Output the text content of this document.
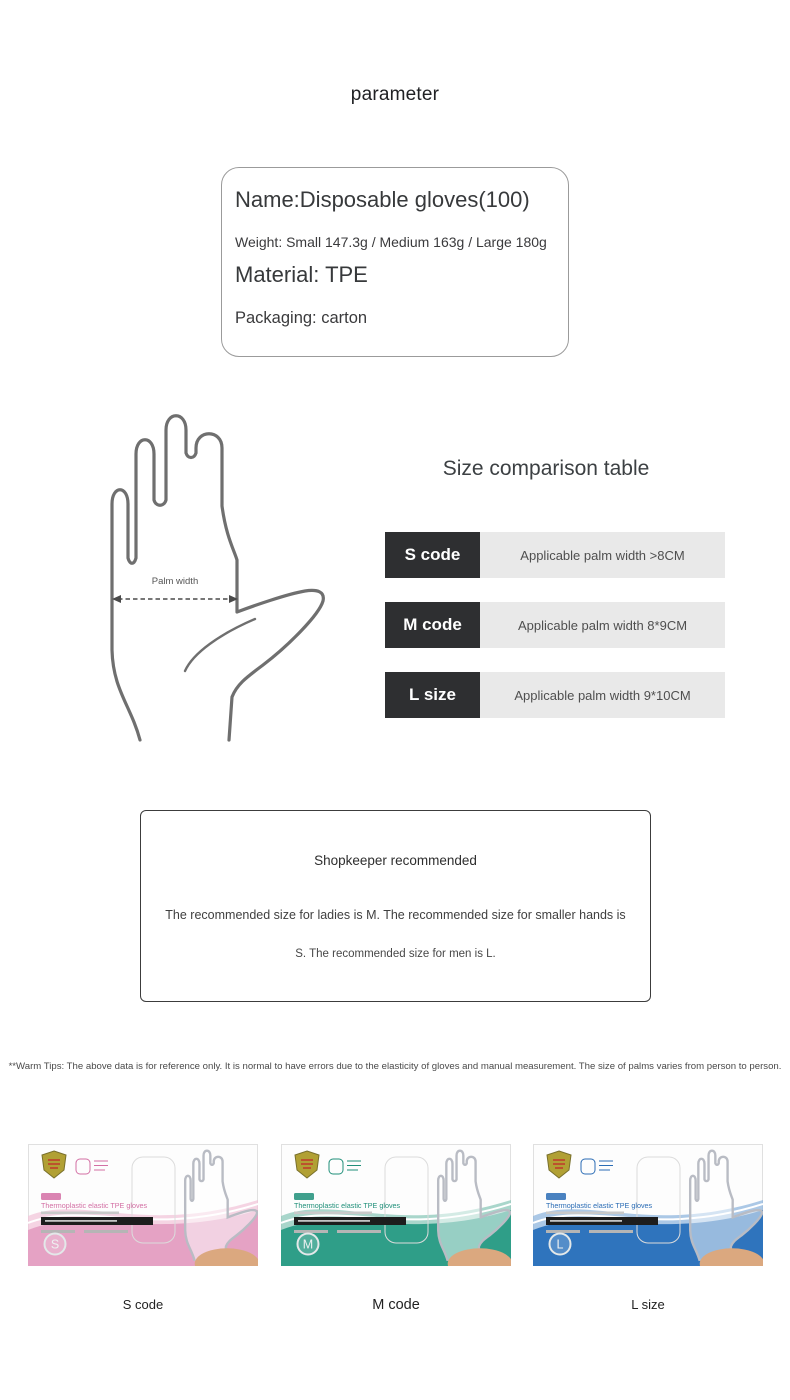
parameter
Name:Disposable gloves(100)
Weight: Small 147.3g / Medium 163g / Large 180g
Material: TPE
Packaging: carton
Palm width
Size comparison table
S code	Applicable palm width >8CM
M code	Applicable palm width 8*9CM
L size	Applicable palm width 9*10CM
Shopkeeper recommended
The recommended size for ladies is M. The recommended size for smaller hands is
S. The recommended size for men is L.
**Warm Tips: The above data is for reference only. It is normal to have errors due to the elasticity of gloves and manual measurement. The size of palms varies from person to person.
Thermoplastic elastic TPE gloves
S
S code
Thermoplastic elastic TPE gloves
M
M code
Thermoplastic elastic TPE gloves
L
L size
